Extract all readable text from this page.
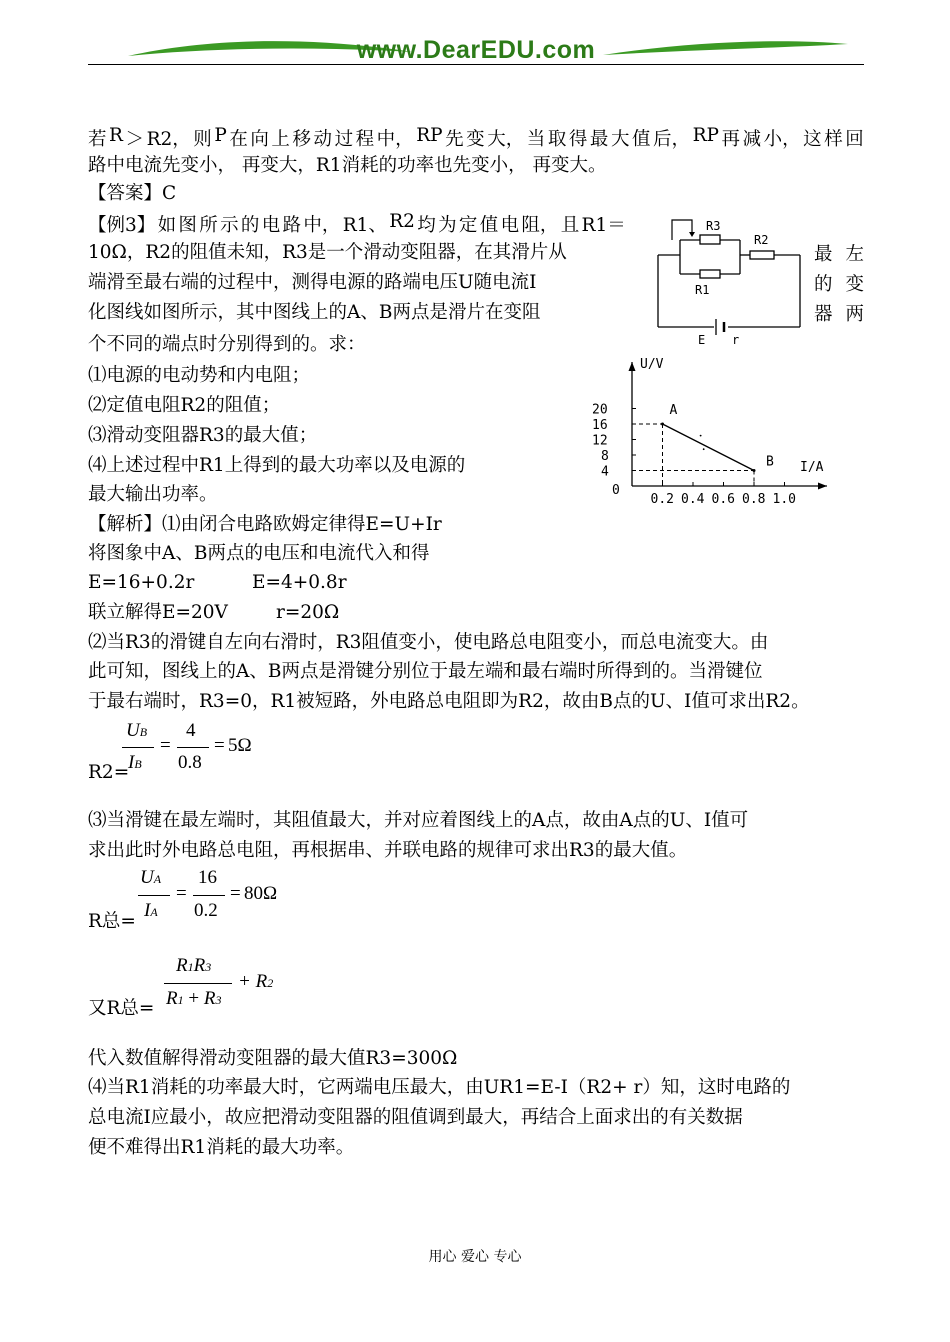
www.DearEDU.com
若 R ＞ R2， 则 P 在 向 上 移 动 过 程 中， RP 先 变 大， 当 取 得 最 大 值 后， RP 再 减 小， 这 样 回
路中电流先变小， 再变大，R1消耗的功率也先变小， 再变大。
【答案】C
【例3】 如 图 所 示 的 电 路 中， R1、 R2 均 为 定 值 电 阻， 且 R1＝
10Ω，R2的阻值未知，R3是一个滑动变阻器，在其滑片从
端滑至最右端的过程中，测得电源的路端电压U随电流I
化图线如图所示，其中图线上的A、B两点是滑片在变阻
最 左
的 变
器 两
个不同的端点时分别得到的。求：
R3
R2
R1
E r
⑴电源的电动势和内电阻；
⑵定值电阻R2的阻值；
⑶滑动变阻器R3的最大值；
⑷上述过程中R1上得到的最大功率以及电源的
最大输出功率。
U/V
I/A
0
0.2 0.4 0.6 0.8 1.0
4
8
12
16
20	A
B
【解析】⑴由闭合电路欧姆定律得E=U+Ir
将图象中A、B两点的电压和电流代入和得
E=16+0.2r	E=4+0.8r
联立解得E=20V	r=20Ω
⑵当R3的滑键自左向右滑时，R3阻值变小，使电路总电阻变小，而总电流变大。由
此可知，图线上的A、B两点是滑键分别位于最左端和最右端时所得到的。当滑键位
于最右端时，R3=0，R1被短路，外电路总电阻即为R2，故由B点的U、I值可求出R2。
R2=
UB
IB
=
4
0.8
= 5Ω
⑶当滑键在最左端时，其阻值最大，并对应着图线上的A点，故由A点的U、I值可
求出此时外电路总电阻，再根据串、并联电路的规律可求出R3的最大值。
R总=
UA
IA
=
16
0.2
= 80Ω
又R总=
R1R3
R1 + R3
+ R2
代入数值解得滑动变阻器的最大值R3=300Ω
⑷当R1消耗的功率最大时，它两端电压最大，由UR1=E-I（R2+ r）知，这时电路的
总电流I应最小，故应把滑动变阻器的阻值调到最大，再结合上面求出的有关数据
便不难得出R1消耗的最大功率。
用心 爱心 专心
